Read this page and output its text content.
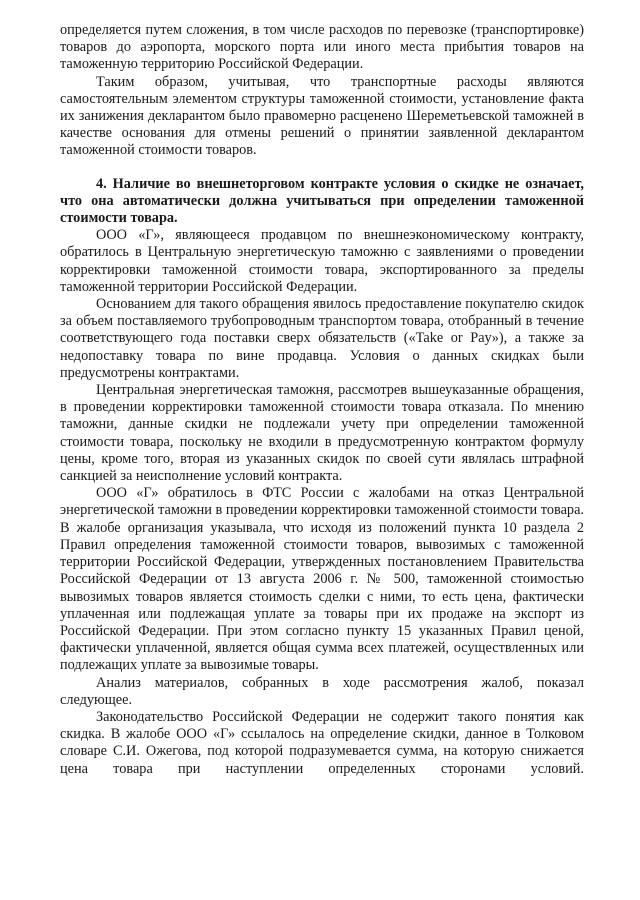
определяется путем сложения, в том числе расходов по перевозке (транспортировке) товаров до аэропорта, морского порта или иного места прибытия товаров на таможенную территорию Российской Федерации.

Таким образом, учитывая, что транспортные расходы являются самостоятельным элементом структуры таможенной стоимости, установление факта их занижения декларантом было правомерно расценено Шереметьевской таможней в качестве основания для отмены решений о принятии заявленной декларантом таможенной стоимости товаров.

4. Наличие во внешнеторговом контракте условия о скидке не означает, что она автоматически должна учитываться при определении таможенной стоимости товара.

ООО «Г», являющееся продавцом по внешнеэкономическому контракту, обратилось в Центральную энергетическую таможню с заявлениями о проведении корректировки таможенной стоимости товара, экспортированного за пределы таможенной территории Российской Федерации.

Основанием для такого обращения явилось предоставление покупателю скидок за объем поставляемого трубопроводным транспортом товара, отобранный в течение соответствующего года поставки сверх обязательств («Take or Pay»), а также за недопоставку товара по вине продавца. Условия о данных скидках были предусмотрены контрактами.

Центральная энергетическая таможня, рассмотрев вышеуказанные обращения, в проведении корректировки таможенной стоимости товара отказала. По мнению таможни, данные скидки не подлежали учету при определении таможенной стоимости товара, поскольку не входили в предусмотренную контрактом формулу цены, кроме того, вторая из указанных скидок по своей сути являлась штрафной санкцией за неисполнение условий контракта.

ООО «Г» обратилось в ФТС России с жалобами на отказ Центральной энергетической таможни в проведении корректировки таможенной стоимости товара. В жалобе организация указывала, что исходя из положений пункта 10 раздела 2 Правил определения таможенной стоимости товаров, вывозимых с таможенной территории Российской Федерации, утвержденных постановлением Правительства Российской Федерации от 13 августа 2006 г. № 500, таможенной стоимостью вывозимых товаров является стоимость сделки с ними, то есть цена, фактически уплаченная или подлежащая уплате за товары при их продаже на экспорт из Российской Федерации. При этом согласно пункту 15 указанных Правил ценой, фактически уплаченной, является общая сумма всех платежей, осуществленных или подлежащих уплате за вывозимые товары.

Анализ материалов, собранных в ходе рассмотрения жалоб, показал следующее.

Законодательство Российской Федерации не содержит такого понятия как скидка. В жалобе ООО «Г» ссылалось на определение скидки, данное в Толковом словаре С.И. Ожегова, под которой подразумевается сумма, на которую снижается цена товара при наступлении определенных сторонами условий.
